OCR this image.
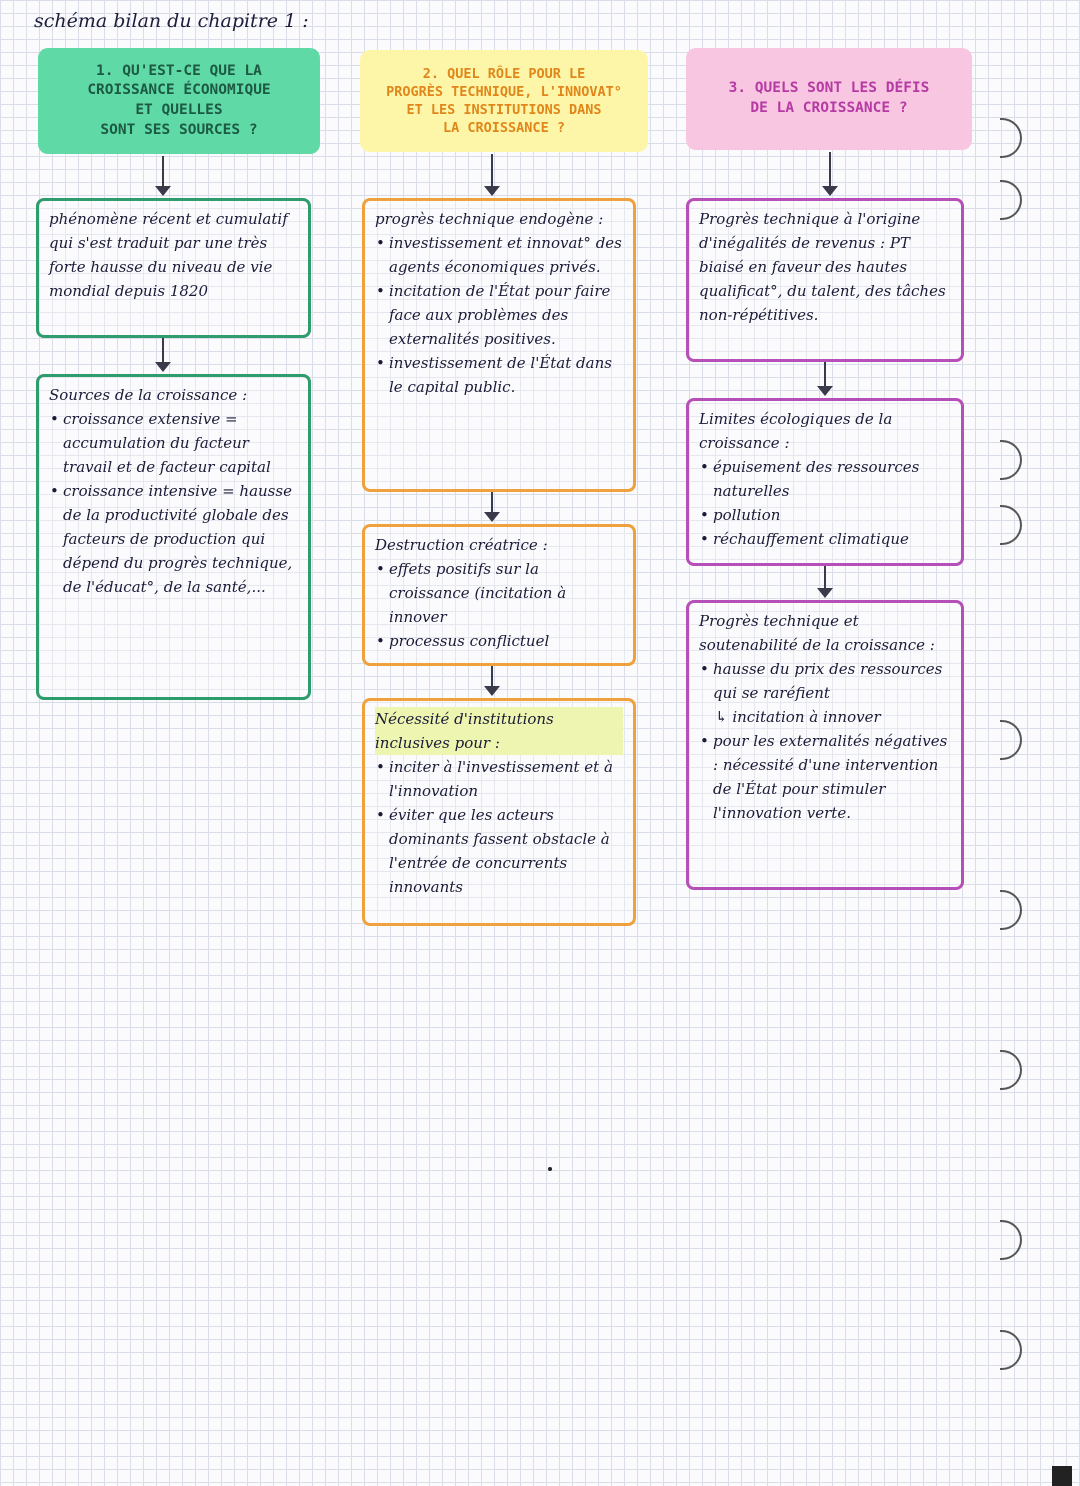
schéma bilan du chapitre 1 :
1. QU'EST-CE QUE LA
CROISSANCE ÉCONOMIQUE
ET QUELLES
SONT SES SOURCES ?
2. QUEL RÔLE POUR LE
PROGRÈS TECHNIQUE, L'INNOVAT°
ET LES INSTITUTIONS DANS
LA CROISSANCE ?
3. QUELS SONT LES DÉFIS
DE LA CROISSANCE ?

phénomène récent et cumulatif qui s'est traduit par une très forte hausse du niveau de vie mondial depuis 1820

Sources de la croissance :

• croissance extensive = accumulation du facteur travail et de facteur capital
• croissance intensive = hausse de la productivité globale des facteurs de production qui dépend du progrès technique, de l'éducat°, de la santé,...

progrès technique endogène :

• investissement et innovat° des agents économiques privés.
• incitation de l'État pour faire face aux problèmes des externalités positives.
• investissement de l'État dans le capital public.

Destruction créatrice :

• effets positifs sur la croissance (incitation à innover
• processus conflictuel

Nécessité d'institutions inclusives pour :

• inciter à l'investissement et à l'innovation
• éviter que les acteurs dominants fassent obstacle à l'entrée de concurrents innovants

Progrès technique à l'origine d'inégalités de revenus : PT biaisé en faveur des hautes qualificat°, du talent, des tâches non-répétitives.

Limites écologiques de la croissance :

• épuisement des ressources naturelles
• pollution
• réchauffement climatique

Progrès technique et soutenabilité de la croissance :

• hausse du prix des ressources qui se raréfient

↳ incitation à innover

• pour les externalités négatives : nécessité d'une intervention de l'État pour stimuler l'innovation verte.
